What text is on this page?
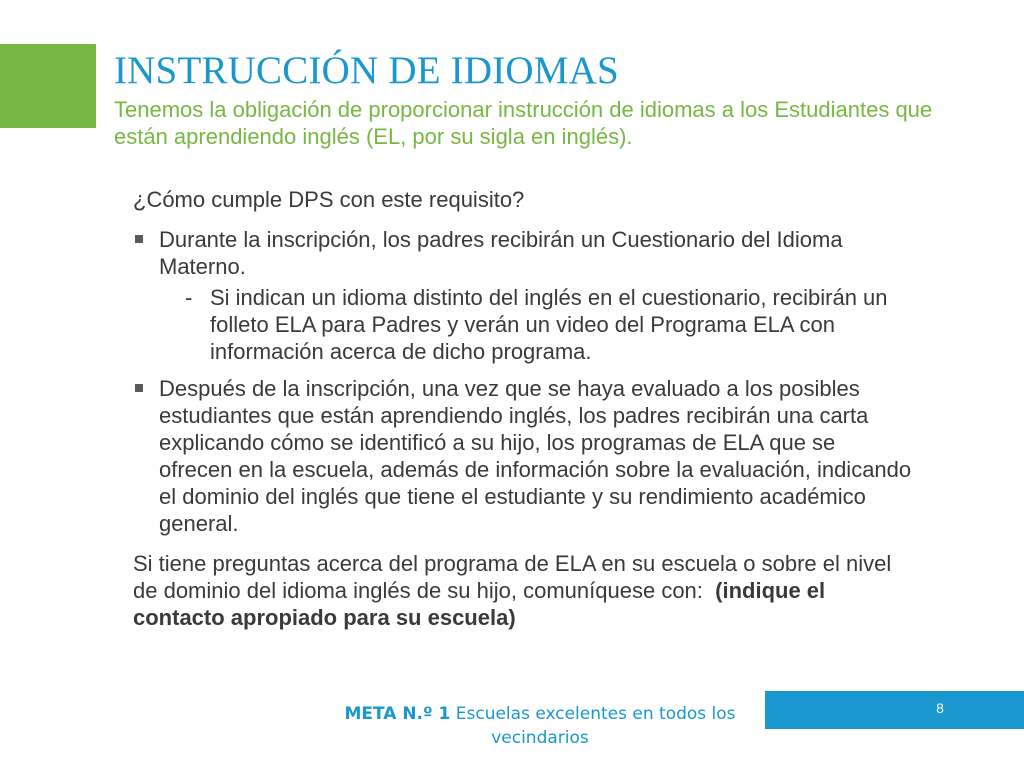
INSTRUCCIÓN DE IDIOMAS

Tenemos la obligación de proporcionar instrucción de idiomas a los Estudiantes que están aprendiendo inglés (EL, por su sigla en inglés).

¿Cómo cumple DPS con este requisito?

Durante la inscripción, los padres recibirán un Cuestionario del Idioma Materno.
- Si indican un idioma distinto del inglés en el cuestionario, recibirán un folleto ELA para Padres y verán un video del Programa ELA con información acerca de dicho programa.
Después de la inscripción, una vez que se haya evaluado a los posibles estudiantes que están aprendiendo inglés, los padres recibirán una carta explicando cómo se identificó a su hijo, los programas de ELA que se ofrecen en la escuela, además de información sobre la evaluación, indicando el dominio del inglés que tiene el estudiante y su rendimiento académico general.

Si tiene preguntas acerca del programa de ELA en su escuela o sobre el nivel de dominio del idioma inglés de su hijo, comuníquese con: (indique el contacto apropiado para su escuela)

META N.º 1 Escuelas excelentes en todos los vecindarios
8
